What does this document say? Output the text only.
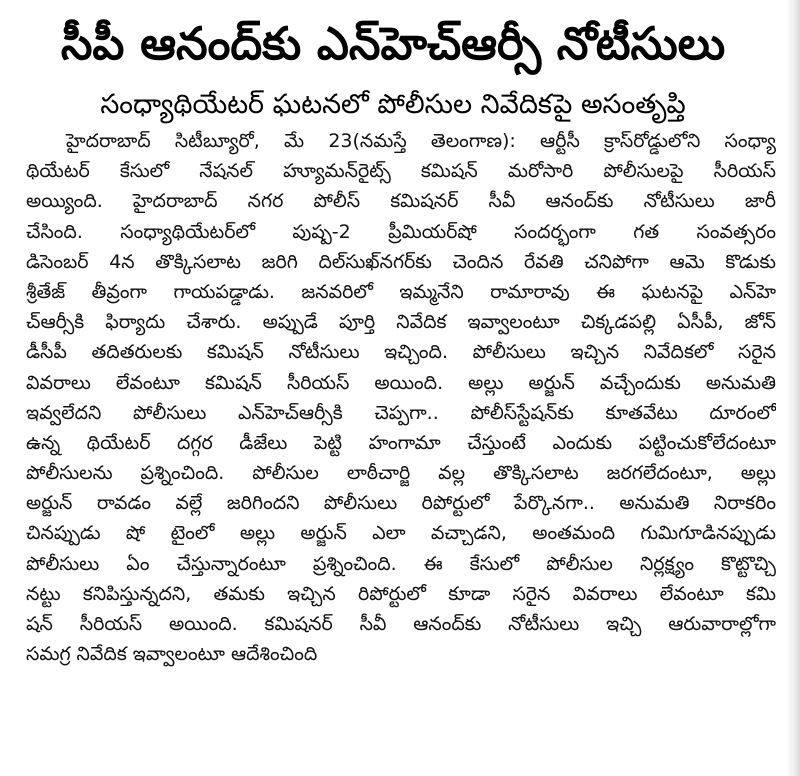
సీపీ ఆనంద్‌కు ఎన్‌హెచ్‌ఆర్సీ నోటీసులు
సంధ్యాథియేటర్‌ ఘటనలో పోలీసుల నివేదికపై అసంతృప్తి
హైదరాబాద్‌ సిటీబ్యూరో, మే 23(నమస్తే తెలంగాణ): ఆర్టీసీ క్రాస్‌రోడ్డులోని సంధ్యా
థియేటర్‌ కేసులో నేషనల్‌ హ్యూమన్‌రైట్స్‌ కమిషన్‌ మరోసారి పోలీసులపై సీరియస్‌
అయ్యింది. హైదరాబాద్‌ నగర పోలీస్‌ కమిషనర్‌ సీవీ ఆనంద్‌కు నోటీసులు జారీ
చేసింది. సంధ్యాథియేటర్‌లో పుష్ప-2 ప్రీమియర్‌షో సందర్భంగా గత సంవత్సరం
డిసెంబర్‌ 4న తొక్కిసలాట జరిగి దిల్‌సుఖ్‌నగర్‌కు చెందిన రేవతి చనిపోగా ఆమె కొడుకు
శ్రీతేజ్‌ తీవ్రంగా గాయపడ్డాడు. జనవరిలో ఇమ్మనేని రామారావు ఈ ఘటనపై ఎన్‌హె
చ్‌ఆర్సీకి ఫిర్యాదు చేశారు. అప్పుడే పూర్తి నివేదిక ఇవ్వాలంటూ చిక్కడపల్లి ఏసీపీ, జోన్‌
డీసీపీ తదితరులకు కమిషన్‌ నోటీసులు ఇచ్చింది. పోలీసులు ఇచ్చిన నివేదికలో సరైన
వివరాలు లేవంటూ కమిషన్‌ సీరియస్‌ అయింది. అల్లు అర్జున్‌ వచ్చేందుకు అనుమతి
ఇవ్వలేదని పోలీసులు ఎన్‌హెచ్‌ఆర్సీకి చెప్పగా.. పోలీస్‌స్టేషన్‌కు కూతవేటు దూరంలో
ఉన్న థియేటర్‌ దగ్గర డీజేలు పెట్టి హంగామా చేస్తుంటే ఎందుకు పట్టించుకోలేదంటూ
పోలీసులను ప్రశ్నించింది. పోలీసుల లాఠీచార్జి వల్ల తొక్కిసలాట జరగలేదంటూ, అల్లు
అర్జున్‌ రావడం వల్లే జరిగిందని పోలీసులు రిపోర్టులో పేర్కొనగా.. అనుమతి నిరాకరిం
చినప్పుడు షో టైంలో అల్లు అర్జున్‌ ఎలా వచ్చాడని, అంతమంది గుమిగూడినప్పుడు
పోలీసులు ఏం చేస్తున్నారంటూ ప్రశ్నించింది. ఈ కేసులో పోలీసుల నిర్లక్ష్యం కొట్టొచ్చి
నట్టు కనిపిస్తున్నదని, తమకు ఇచ్చిన రిపోర్టులో కూడా సరైన వివరాలు లేవంటూ కమి
షన్‌ సీరియస్‌ అయింది. కమిషనర్‌ సీవీ ఆనంద్‌కు నోటీసులు ఇచ్చి ఆరువారాల్లోగా
సమగ్ర నివేదిక ఇవ్వాలంటూ ఆదేశించింది
